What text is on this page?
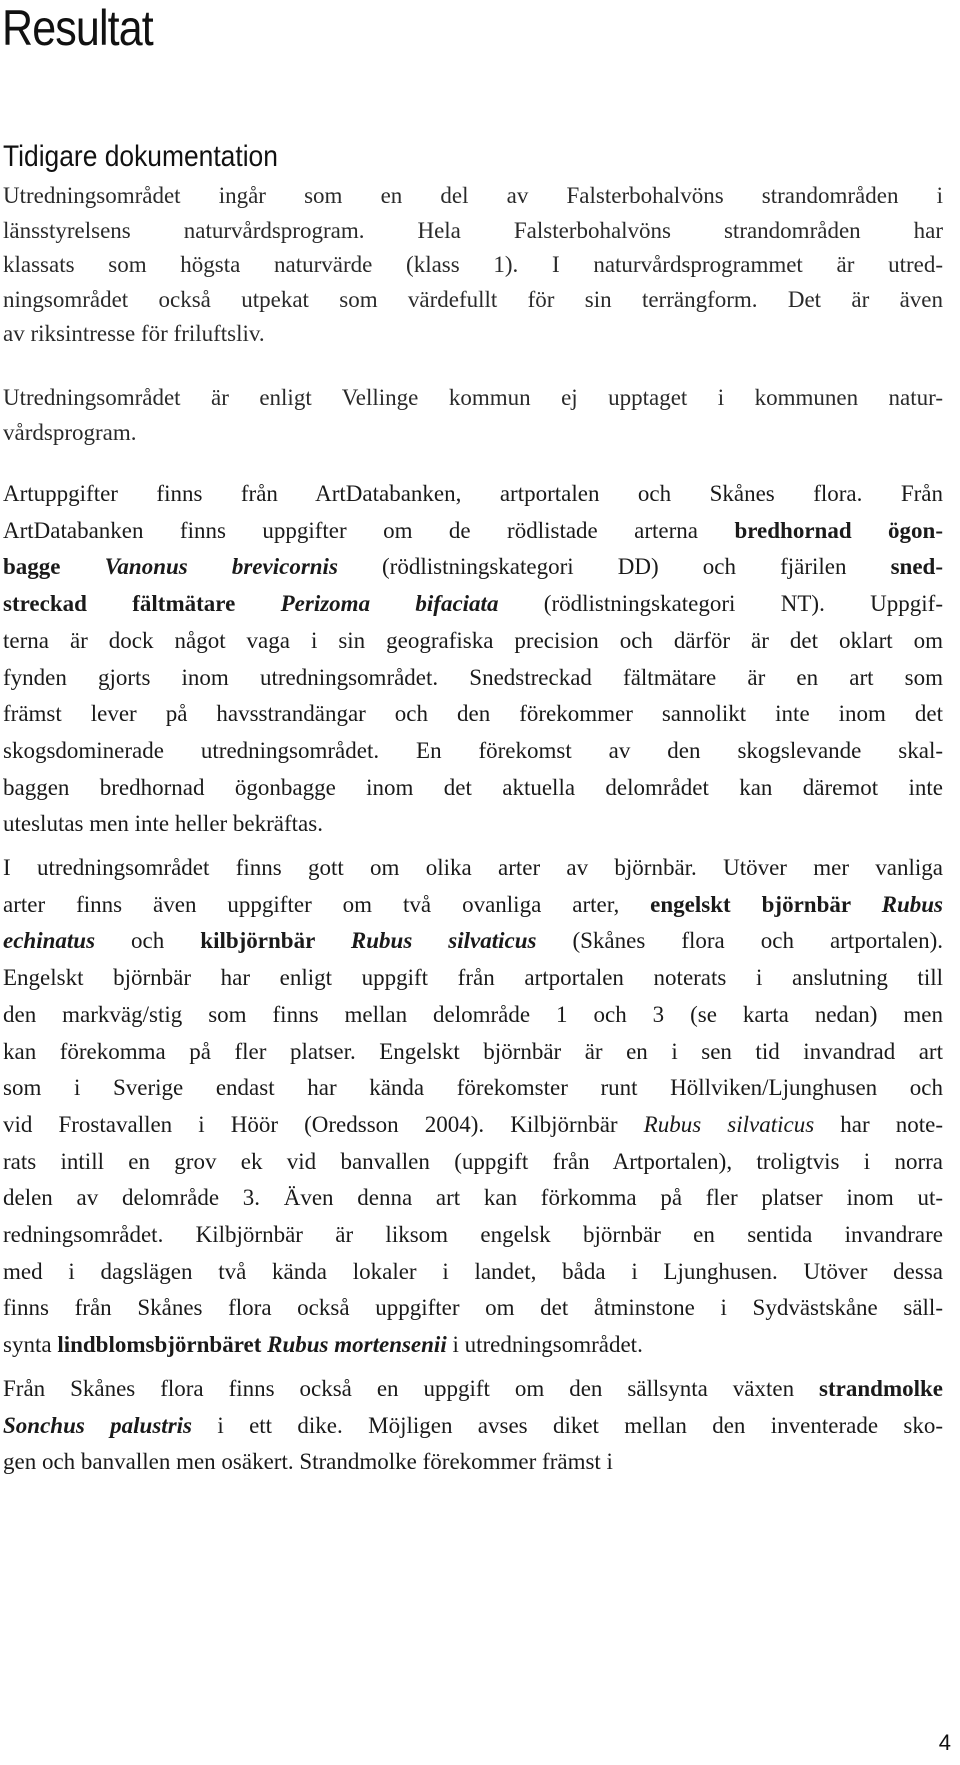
Resultat
Tidigare dokumentation

Utredningsområdet ingår som en del av Falsterbohalvöns strandområden i
länsstyrelsens naturvårdsprogram. Hela Falsterbohalvöns strandområden har
klassats som högsta naturvärde (klass 1). I naturvårdsprogrammet är utred-
ningsområdet också utpekat som värdefullt för sin terrängform. Det är även
av riksintresse för friluftsliv.

Utredningsområdet är enligt Vellinge kommun ej upptaget i kommunen natur-
vårdsprogram.

Artuppgifter finns från ArtDatabanken, artportalen och Skånes flora. Från
ArtDatabanken finns uppgifter om de rödlistade arterna bredhornad ögon-
bagge Vanonus brevicornis (rödlistningskategori DD) och fjärilen sned-
streckad fältmätare Perizoma bifaciata (rödlistningskategori NT). Uppgif-
terna är dock något vaga i sin geografiska precision och därför är det oklart om
fynden gjorts inom utredningsområdet. Snedstreckad fältmätare är en art som
främst lever på havsstrandängar och den förekommer sannolikt inte inom det
skogsdominerade utredningsområdet. En förekomst av den skogslevande skal-
baggen bredhornad ögonbagge inom det aktuella delområdet kan däremot inte
uteslutas men inte heller bekräftas.

I utredningsområdet finns gott om olika arter av björnbär. Utöver mer vanliga
arter finns även uppgifter om två ovanliga arter, engelskt björnbär Rubus
echinatus och kilbjörnbär Rubus silvaticus (Skånes flora och artportalen).
Engelskt björnbär har enligt uppgift från artportalen noterats i anslutning till
den markväg/stig som finns mellan delområde 1 och 3 (se karta nedan) men
kan förekomma på fler platser. Engelskt björnbär är en i sen tid invandrad art
som i Sverige endast har kända förekomster runt Höllviken/Ljunghusen och
vid Frostavallen i Höör (Oredsson 2004). Kilbjörnbär Rubus silvaticus har note-
rats intill en grov ek vid banvallen (uppgift från Artportalen), troligtvis i norra
delen av delområde 3. Även denna art kan förkomma på fler platser inom ut-
redningsområdet. Kilbjörnbär är liksom engelsk björnbär en sentida invandrare
med i dagslägen två kända lokaler i landet, båda i Ljunghusen. Utöver dessa
finns från Skånes flora också uppgifter om det åtminstone i Sydvästskåne säll-
synta lindblomsbjörnbäret Rubus mortensenii i utredningsområdet.

Från Skånes flora finns också en uppgift om den sällsynta växten strandmolke
Sonchus palustris i ett dike. Möjligen avses diket mellan den inventerade sko-
gen och banvallen men osäkert. Strandmolke förekommer främst i

4
